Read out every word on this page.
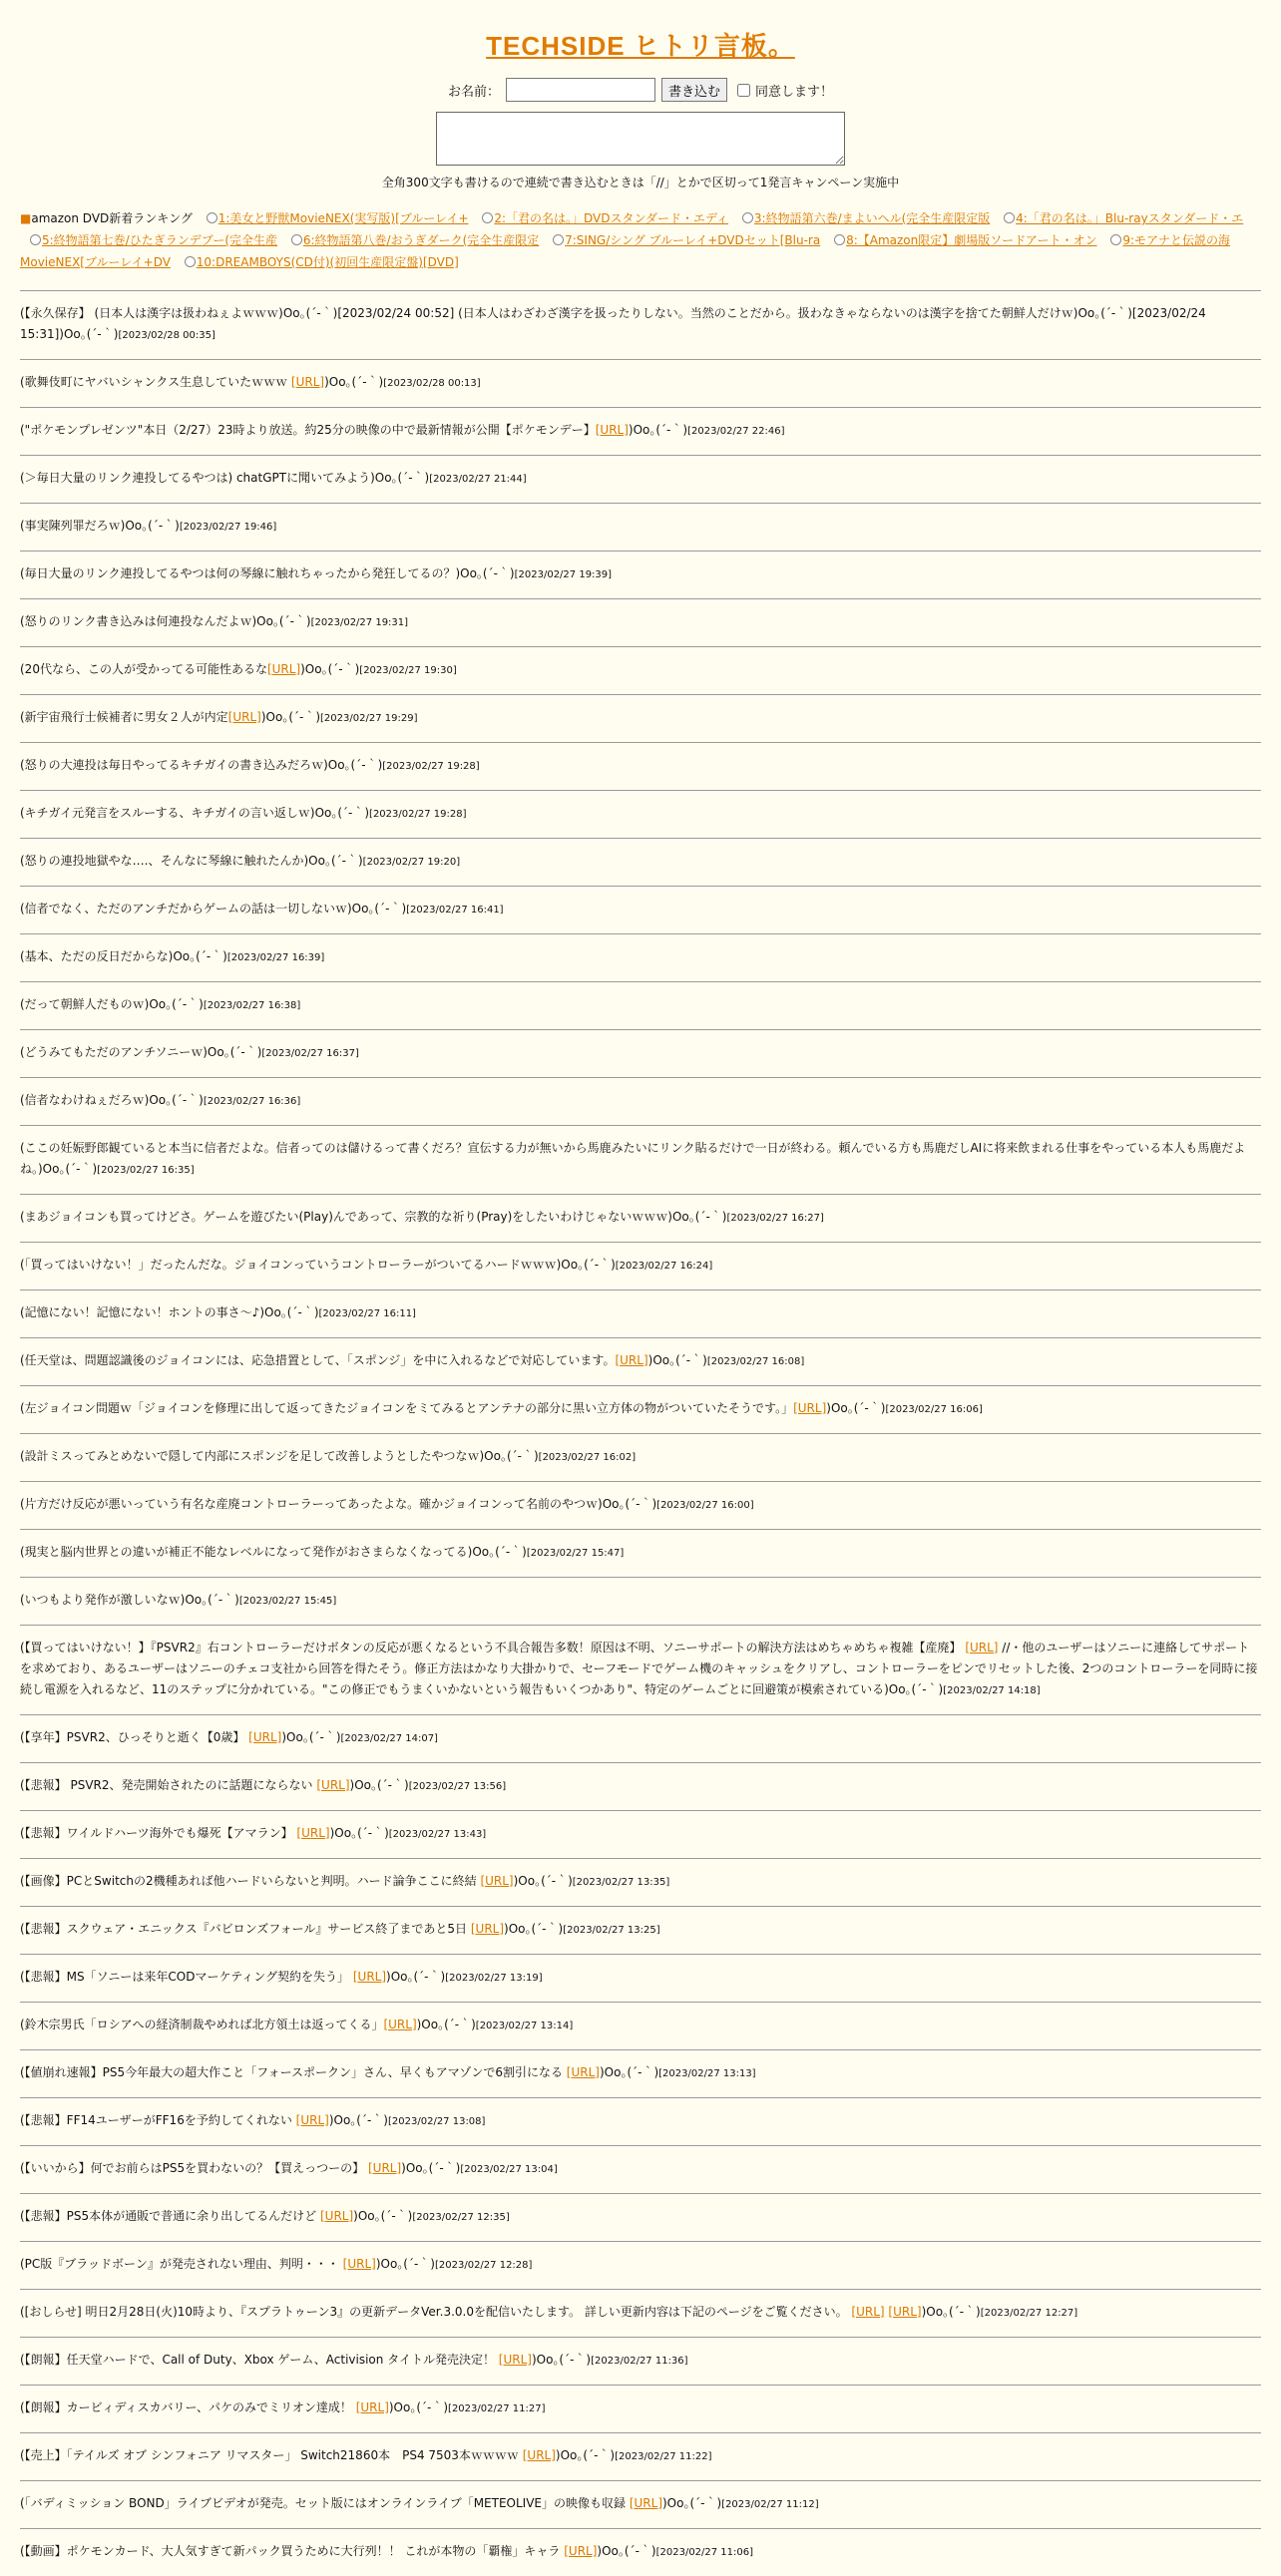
TECHSIDE ヒトリ言板。
お名前：	書き込む	同意します！
全角300文字も書けるので連続で書き込むときは「//」とかで区切って1発言キャンペーン実施中
■amazon DVD新着ランキング 1:美女と野獣MovieNEX(実写版)[ブルーレイ+ 2:「君の名は。」DVDスタンダード・エディ 3:終物語第六巻/まよいヘル(完全生産限定版 4:「君の名は。」Blu-rayスタンダード・エ 5:終物語第七巻/ひたぎランデブー(完全生産 6:終物語第八巻/おうぎダーク(完全生産限定 7:SING/シング ブルーレイ+DVDセット[Blu-ra 8:【Amazon限定】劇場版ソードアート・オン 9:モアナと伝説の海MovieNEX[ブルーレイ+DV 10:DREAMBOYS(CD付)(初回生産限定盤)[DVD]
(【永久保存】 (日本人は漢字は扱わねぇよｗｗｗ)Oo｡(´-｀)[2023/02/24 00:52] (日本人はわざわざ漢字を扱ったりしない。当然のことだから。扱わなきゃならないのは漢字を捨てた朝鮮人だけｗ)Oo｡(´-｀)[2023/02/24 15:31])Oo｡(´-｀)[2023/02/28 00:35]
(歌舞伎町にヤバいシャンクス生息していたｗｗｗ [URL])Oo｡(´-｀)[2023/02/28 00:13]
("ポケモンプレゼンツ"本日（2/27）23時より放送。約25分の映像の中で最新情報が公開【ポケモンデー】[URL])Oo｡(´-｀)[2023/02/27 22:46]
(＞毎日大量のリンク連投してるやつは) chatGPTに聞いてみよう)Oo｡(´-｀)[2023/02/27 21:44]
(事実陳列罪だろｗ)Oo｡(´-｀)[2023/02/27 19:46]
(毎日大量のリンク連投してるやつは何の琴線に触れちゃったから発狂してるの？)Oo｡(´-｀)[2023/02/27 19:39]
(怒りのリンク書き込みは何連投なんだよｗ)Oo｡(´-｀)[2023/02/27 19:31]
(20代なら、この人が受かってる可能性あるな[URL])Oo｡(´-｀)[2023/02/27 19:30]
(新宇宙飛行士候補者に男女２人が内定[URL])Oo｡(´-｀)[2023/02/27 19:29]
(怒りの大連投は毎日やってるキチガイの書き込みだろｗ)Oo｡(´-｀)[2023/02/27 19:28]
(キチガイ元発言をスルーする、キチガイの言い返しｗ)Oo｡(´-｀)[2023/02/27 19:28]
(怒りの連投地獄やな….、そんなに琴線に触れたんか)Oo｡(´-｀)[2023/02/27 19:20]
(信者でなく、ただのアンチだからゲームの話は一切しないｗ)Oo｡(´-｀)[2023/02/27 16:41]
(基本、ただの反日だからな)Oo｡(´-｀)[2023/02/27 16:39]
(だって朝鮮人だものｗ)Oo｡(´-｀)[2023/02/27 16:38]
(どうみてもただのアンチソニーｗ)Oo｡(´-｀)[2023/02/27 16:37]
(信者なわけねぇだろｗ)Oo｡(´-｀)[2023/02/27 16:36]
(ここの妊娠野郎観ていると本当に信者だよな。信者ってのは儲けるって書くだろ？宣伝する力が無いから馬鹿みたいにリンク貼るだけで一日が終わる。頼んでいる方も馬鹿だしAIに将来飲まれる仕事をやっている本人も馬鹿だよね。)Oo｡(´-｀)[2023/02/27 16:35]
(まあジョイコンも買ってけどさ。ゲームを遊びたい(Play)んであって、宗教的な祈り(Pray)をしたいわけじゃないｗｗｗ)Oo｡(´-｀)[2023/02/27 16:27]
(「買ってはいけない！」だったんだな。ジョイコンっていうコントローラーがついてるハードｗｗｗ)Oo｡(´-｀)[2023/02/27 16:24]
(記憶にない！記憶にない！ホントの事さ～♪)Oo｡(´-｀)[2023/02/27 16:11]
(任天堂は、問題認識後のジョイコンには、応急措置として、「スポンジ」を中に入れるなどで対応しています。[URL])Oo｡(´-｀)[2023/02/27 16:08]
(左ジョイコン問題ｗ「ジョイコンを修理に出して返ってきたジョイコンをミてみるとアンテナの部分に黒い立方体の物がついていたそうです。」[URL])Oo｡(´-｀)[2023/02/27 16:06]
(設計ミスってみとめないで隠して内部にスポンジを足して改善しようとしたやつなｗ)Oo｡(´-｀)[2023/02/27 16:02]
(片方だけ反応が悪いっていう有名な産廃コントローラーってあったよな。確かジョイコンって名前のやつｗ)Oo｡(´-｀)[2023/02/27 16:00]
(現実と脳内世界との違いが補正不能なレベルになって発作がおさまらなくなってる)Oo｡(´-｀)[2023/02/27 15:47]
(いつもより発作が激しいなｗ)Oo｡(´-｀)[2023/02/27 15:45]
(【買ってはいけない！】『PSVR2』右コントローラーだけボタンの反応が悪くなるという不具合報告多数！原因は不明、ソニーサポートの解決方法はめちゃめちゃ複雑【産廃】 [URL] //・他のユーザーはソニーに連絡してサポートを求めており、あるユーザーはソニーのチェコ支社から回答を得たそう。修正方法はかなり大掛かりで、セーフモードでゲーム機のキャッシュをクリアし、コントローラーをピンでリセットした後、2つのコントローラーを同時に接続し電源を入れるなど、11のステップに分かれている。"この修正でもうまくいかないという報告もいくつかあり"、特定のゲームごとに回避策が模索されている)Oo｡(´-｀)[2023/02/27 14:18]
(【享年】PSVR2、ひっそりと逝く【0歳】 [URL])Oo｡(´-｀)[2023/02/27 14:07]
(【悲報】 PSVR2、発売開始されたのに話題にならない [URL])Oo｡(´-｀)[2023/02/27 13:56]
(【悲報】ワイルドハーツ海外でも爆死【アマラン】 [URL])Oo｡(´-｀)[2023/02/27 13:43]
(【画像】PCとSwitchの2機種あれば他ハードいらないと判明。ハード論争ここに終結 [URL])Oo｡(´-｀)[2023/02/27 13:35]
(【悲報】スクウェア・エニックス『バビロンズフォール』サービス終了まであと5日 [URL])Oo｡(´-｀)[2023/02/27 13:25]
(【悲報】MS「ソニーは来年CODマーケティング契約を失う」 [URL])Oo｡(´-｀)[2023/02/27 13:19]
(鈴木宗男氏「ロシアへの経済制裁やめれば北方領土は返ってくる」[URL])Oo｡(´-｀)[2023/02/27 13:14]
(【値崩れ速報】PS5今年最大の超大作こと「フォースポークン」さん、早くもアマゾンで6割引になる [URL])Oo｡(´-｀)[2023/02/27 13:13]
(【悲報】FF14ユーザーがFF16を予約してくれない [URL])Oo｡(´-｀)[2023/02/27 13:08]
(【いいから】何でお前らはPS5を買わないの？【買えっつーの】 [URL])Oo｡(´-｀)[2023/02/27 13:04]
(【悲報】PS5本体が通販で普通に余り出してるんだけど [URL])Oo｡(´-｀)[2023/02/27 12:35]
(PC版『ブラッドボーン』が発売されない理由、判明・・・ [URL])Oo｡(´-｀)[2023/02/27 12:28]
([おしらせ] 明日2月28日(火)10時より、『スプラトゥーン3』の更新データVer.3.0.0を配信いたします。 詳しい更新内容は下記のページをご覧ください。 [URL] [URL])Oo｡(´-｀)[2023/02/27 12:27]
(【朗報】任天堂ハードで、Call of Duty、Xbox ゲーム、Activision タイトル発売決定！ [URL])Oo｡(´-｀)[2023/02/27 11:36]
(【朗報】カービィディスカバリー、パケのみでミリオン達成！ [URL])Oo｡(´-｀)[2023/02/27 11:27]
(【売上】「テイルズ オブ シンフォニア リマスター」 Switch21860本　PS4 7503本ｗｗｗｗ [URL])Oo｡(´-｀)[2023/02/27 11:22]
(「バディミッション BOND」ライブビデオが発売。セット版にはオンラインライブ「METEOLIVE」の映像も収録 [URL])Oo｡(´-｀)[2023/02/27 11:12]
(【動画】ポケモンカード、大人気すぎて新パック買うために大行列！！ これが本物の「覇権」キャラ [URL])Oo｡(´-｀)[2023/02/27 11:06]
